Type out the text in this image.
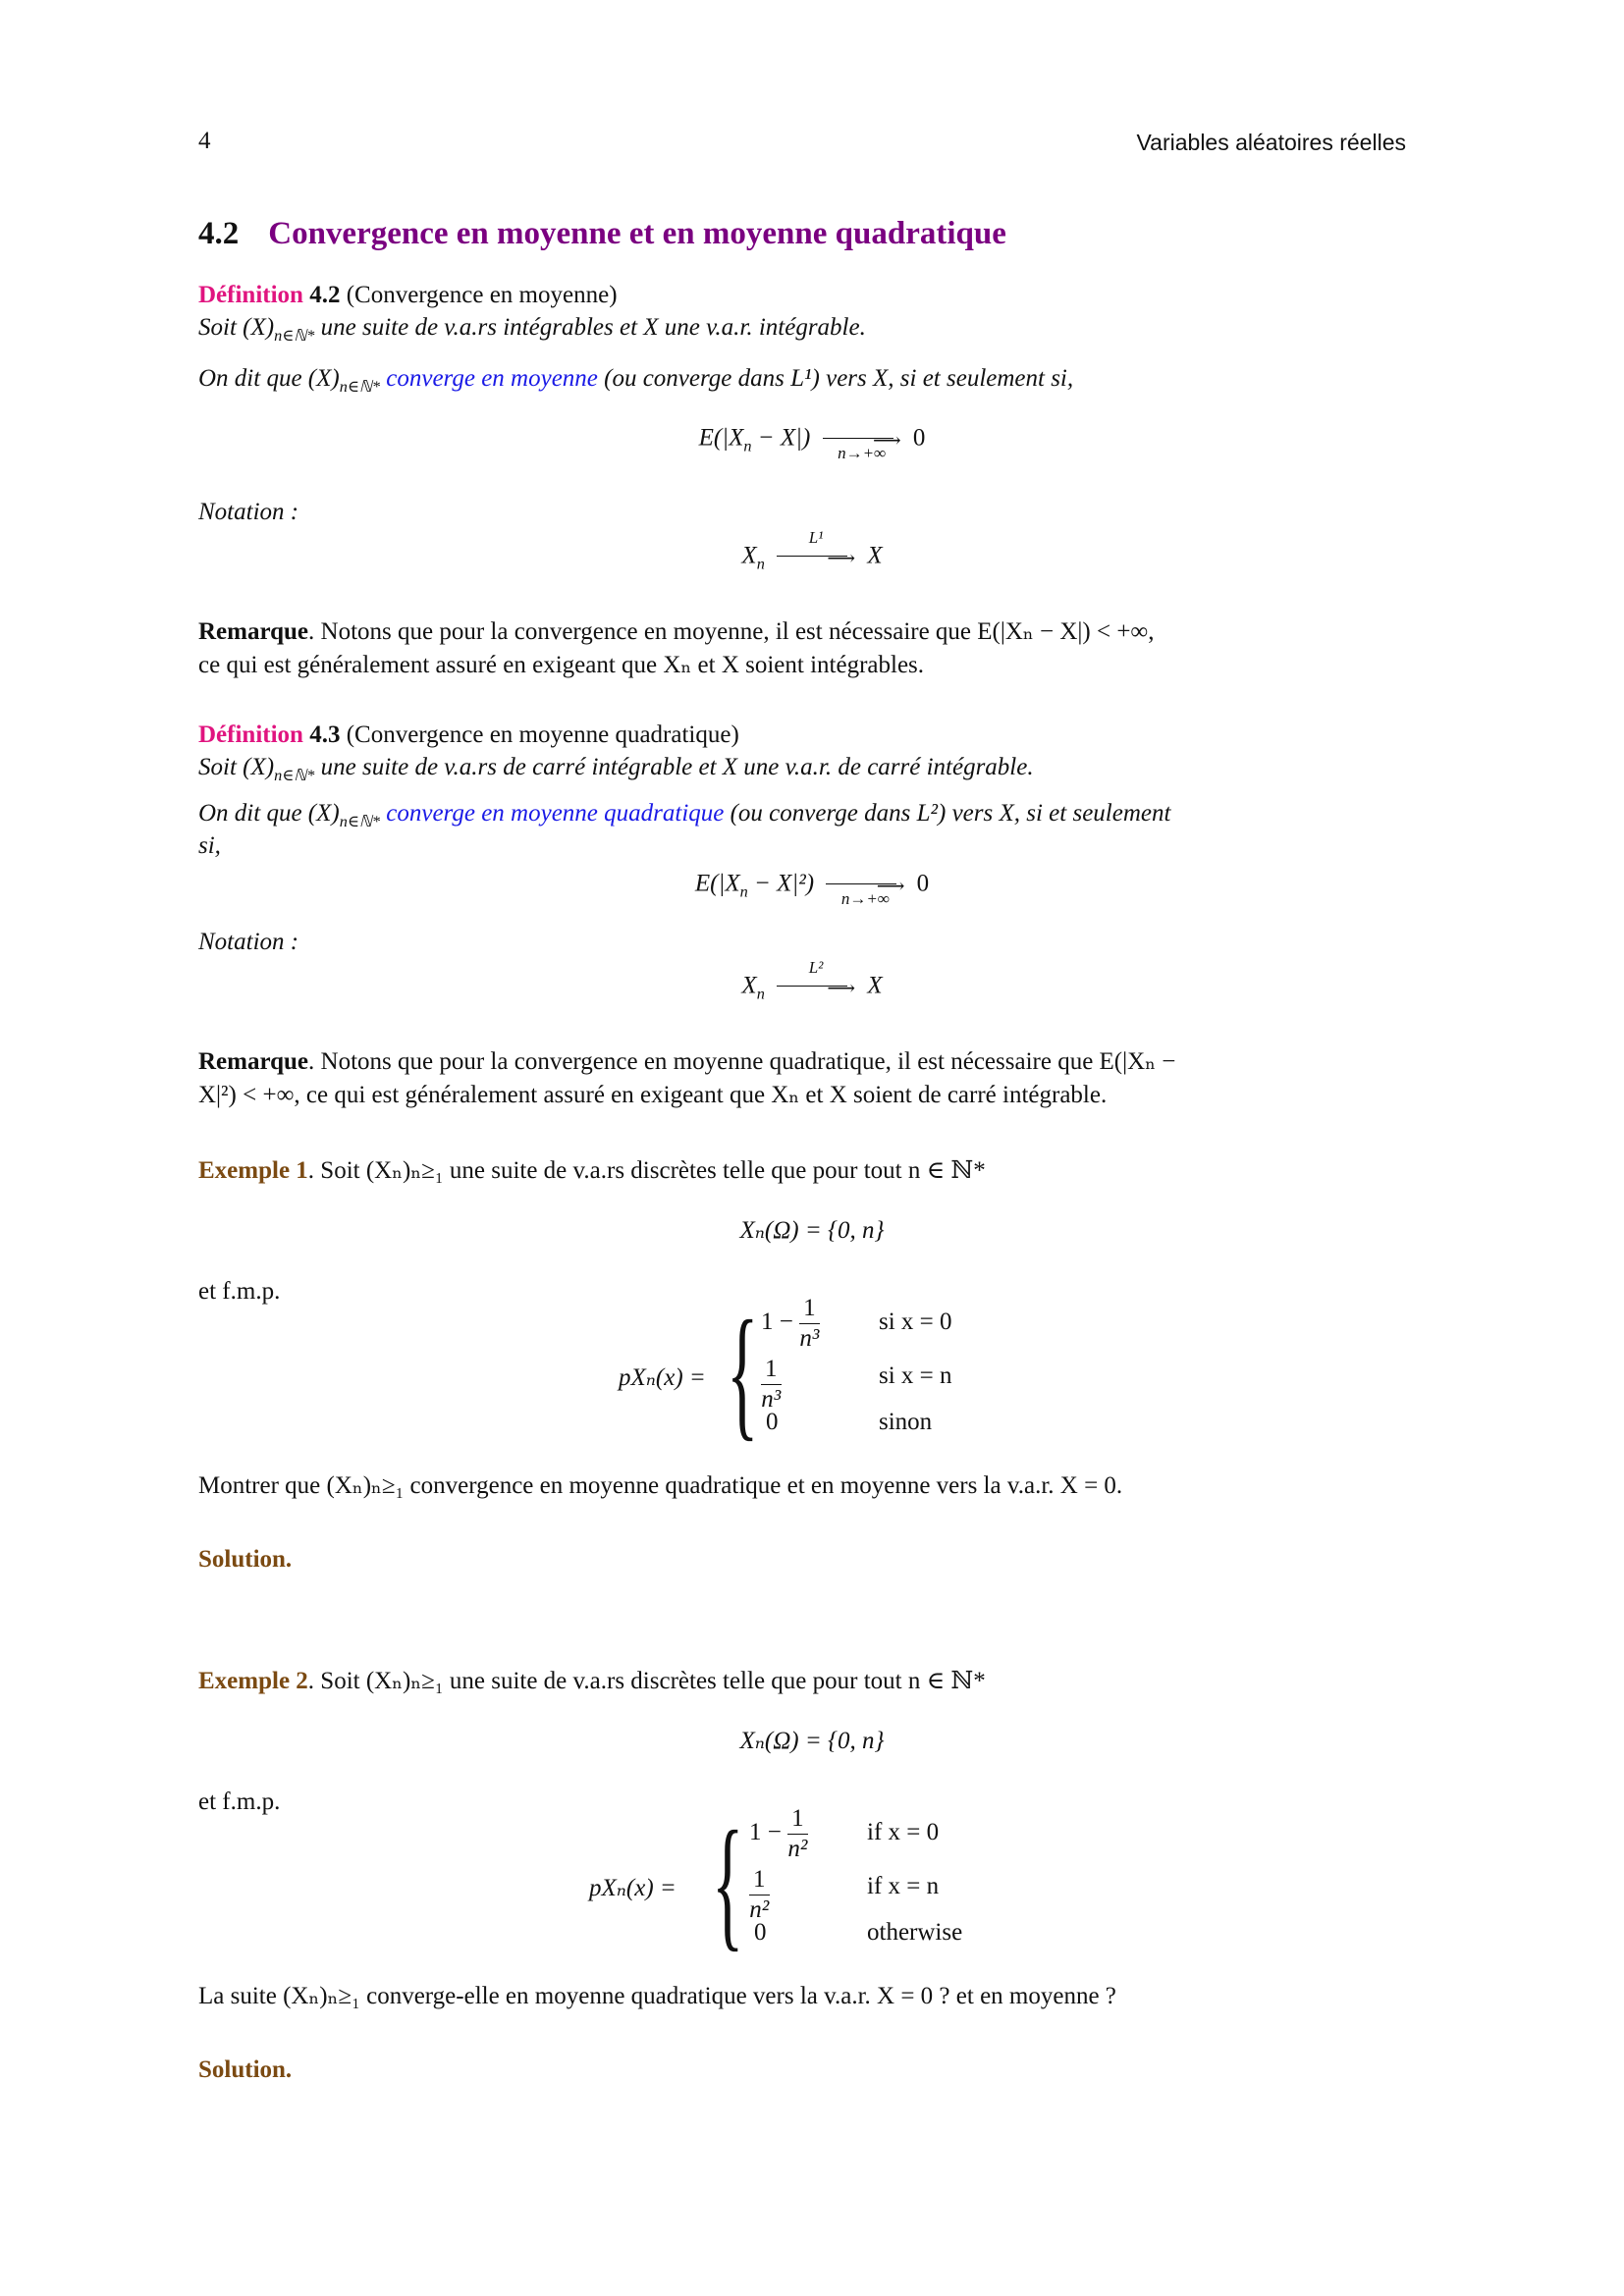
4	Variables aléatoires réelles
4.2 Convergence en moyenne et en moyenne quadratique
Définition 4.2 (Convergence en moyenne)
Soit $(X)_{n\in ℕ*}$ une suite de v.a.rs intégrables et X une v.a.r. intégrable.
On dit que $(X)_{n\in ℕ*}$ converge en moyenne (ou converge dans L¹) vers X, si et seulement si,
$E(|X_n - X|)$	⟶
n→+∞
0
Notation :
$X_n$
L¹
⟶ X
Remarque. Notons que pour la convergence en moyenne, il est nécessaire que E(|Xₙ − X|) < +∞,
ce qui est généralement assuré en exigeant que Xₙ et X soient intégrables.
Définition 4.3 (Convergence en moyenne quadratique)
Soit $(X)_{n\in ℕ*}$ une suite de v.a.rs de carré intégrable et X une v.a.r. de carré intégrable.
On dit que $(X)_{n\in ℕ*}$ converge en moyenne quadratique (ou converge dans L²) vers X, si et seulement
si,
$E(|X_n - X|^2)$	⟶
n→+∞
0
Notation :
$X_n$
L²
⟶ X
Remarque. Notons que pour la convergence en moyenne quadratique, il est nécessaire que E(|Xₙ −
X|²) < +∞, ce qui est généralement assuré en exigeant que Xₙ et X soient de carré intégrable.
Exemple 1. Soit (Xₙ)ₙ≥₁ une suite de v.a.rs discrètes telle que pour tout n ∈ ℕ*
Xₙ(Ω) = {0, n}
et f.m.p.
pXₙ(x) = { $1 - \frac{1}{\text{n³}}$ si x = 0
$\frac{1}{\text{n³}}$	si x = n
0	sinon
Montrer que (Xₙ)ₙ≥₁ convergence en moyenne quadratique et en moyenne vers la v.a.r. X = 0.
Solution.
Exemple 2. Soit (Xₙ)ₙ≥₁ une suite de v.a.rs discrètes telle que pour tout n ∈ ℕ*
Xₙ(Ω) = {0, n}
et f.m.p.
pXₙ(x) = { $1 - \frac{1}{\text{n²}}$ if x = 0
$\frac{1}{\text{n²}}$	if x = n
0	otherwise
La suite (Xₙ)ₙ≥₁ converge-elle en moyenne quadratique vers la v.a.r. X = 0 ? et en moyenne ?
Solution.
